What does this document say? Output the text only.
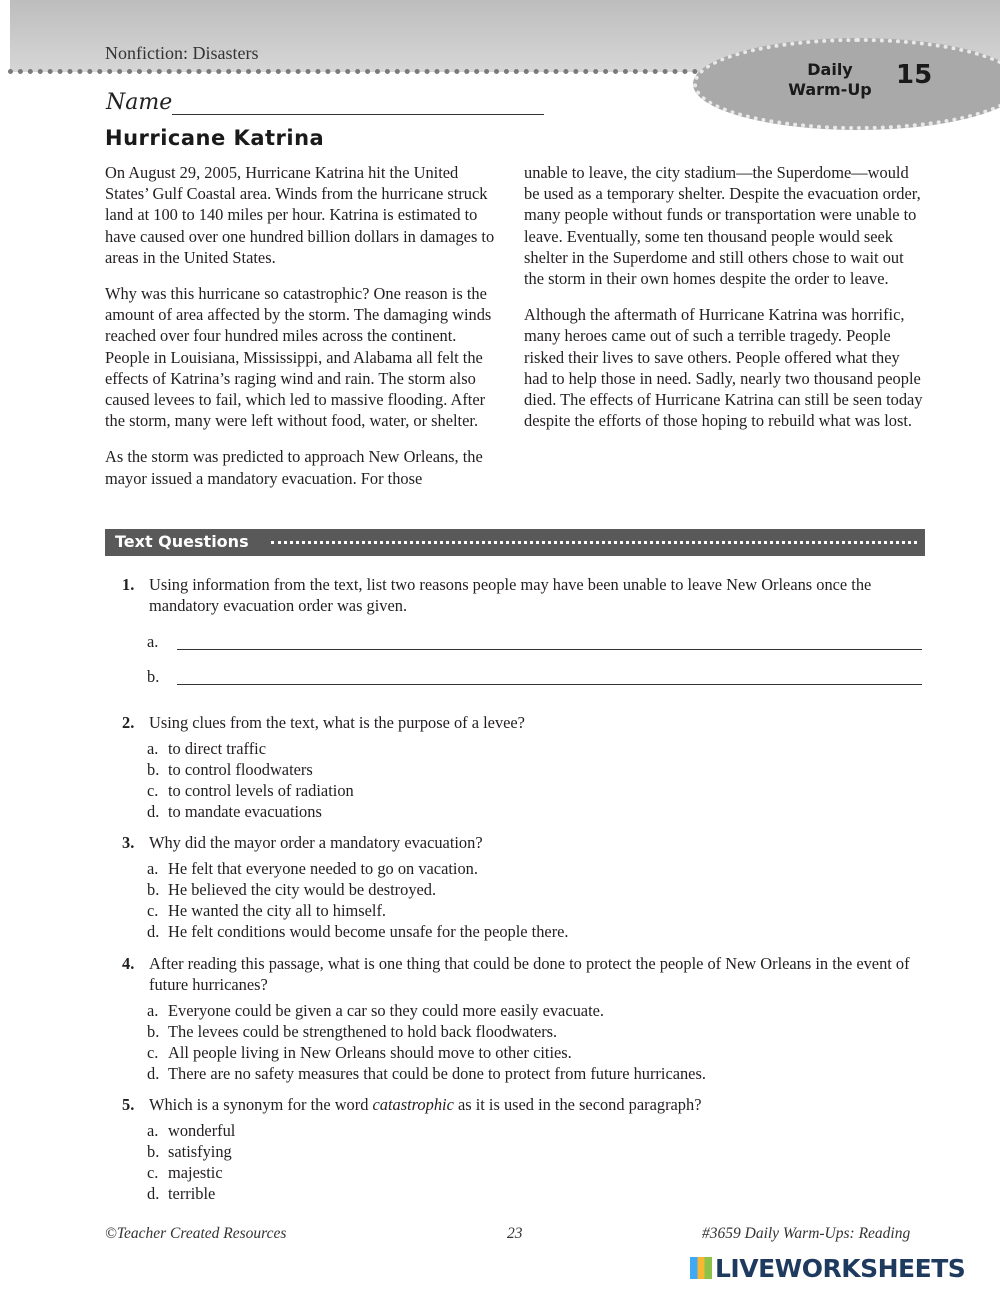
Nonfiction: Disasters
Daily Warm-Up 15
Name
Hurricane Katrina

On August 29, 2005, Hurricane Katrina hit the United States’ Gulf Coastal area. Winds from the hurricane struck land at 100 to 140 miles per hour. Katrina is estimated to have caused over one hundred billion dollars in damages to areas in the United States.

Why was this hurricane so catastrophic? One reason is the amount of area affected by the storm. The damaging winds reached over four hundred miles across the continent. People in Louisiana, Mississippi, and Alabama all felt the effects of Katrina’s raging wind and rain. The storm also caused levees to fail, which led to massive flooding. After the storm, many were left without food, water, or shelter.

As the storm was predicted to approach New Orleans, the mayor issued a mandatory evacuation. For those

unable to leave, the city stadium—the Superdome—would be used as a temporary shelter. Despite the evacuation order, many people without funds or transportation were unable to leave. Eventually, some ten thousand people would seek shelter in the Superdome and still others chose to wait out the storm in their own homes despite the order to leave.

Although the aftermath of Hurricane Katrina was horrific, many heroes came out of such a terrible tragedy. People risked their lives to save others. People offered what they had to help those in need. Sadly, nearly two thousand people died. The effects of Hurricane Katrina can still be seen today despite the efforts of those hoping to rebuild what was lost.

Text Questions
1. Using information from the text, list two reasons people may have been unable to leave New Orleans once the mandatory evacuation order was given.
a.
b.
2. Using clues from the text, what is the purpose of a levee?
a. to direct traffic
b. to control floodwaters
c. to control levels of radiation
d. to mandate evacuations
3. Why did the mayor order a mandatory evacuation?
a. He felt that everyone needed to go on vacation.
b. He believed the city would be destroyed.
c. He wanted the city all to himself.
d. He felt conditions would become unsafe for the people there.
4. After reading this passage, what is one thing that could be done to protect the people of New Orleans in the event of future hurricanes?
a. Everyone could be given a car so they could more easily evacuate.
b. The levees could be strengthened to hold back floodwaters.
c. All people living in New Orleans should move to other cities.
d. There are no safety measures that could be done to protect from future hurricanes.
5. Which is a synonym for the word catastrophic as it is used in the second paragraph?
a. wonderful
b. satisfying
c. majestic
d. terrible
©Teacher Created Resources	23	#3659 Daily Warm-Ups: Reading
LIVEWORKSHEETS
